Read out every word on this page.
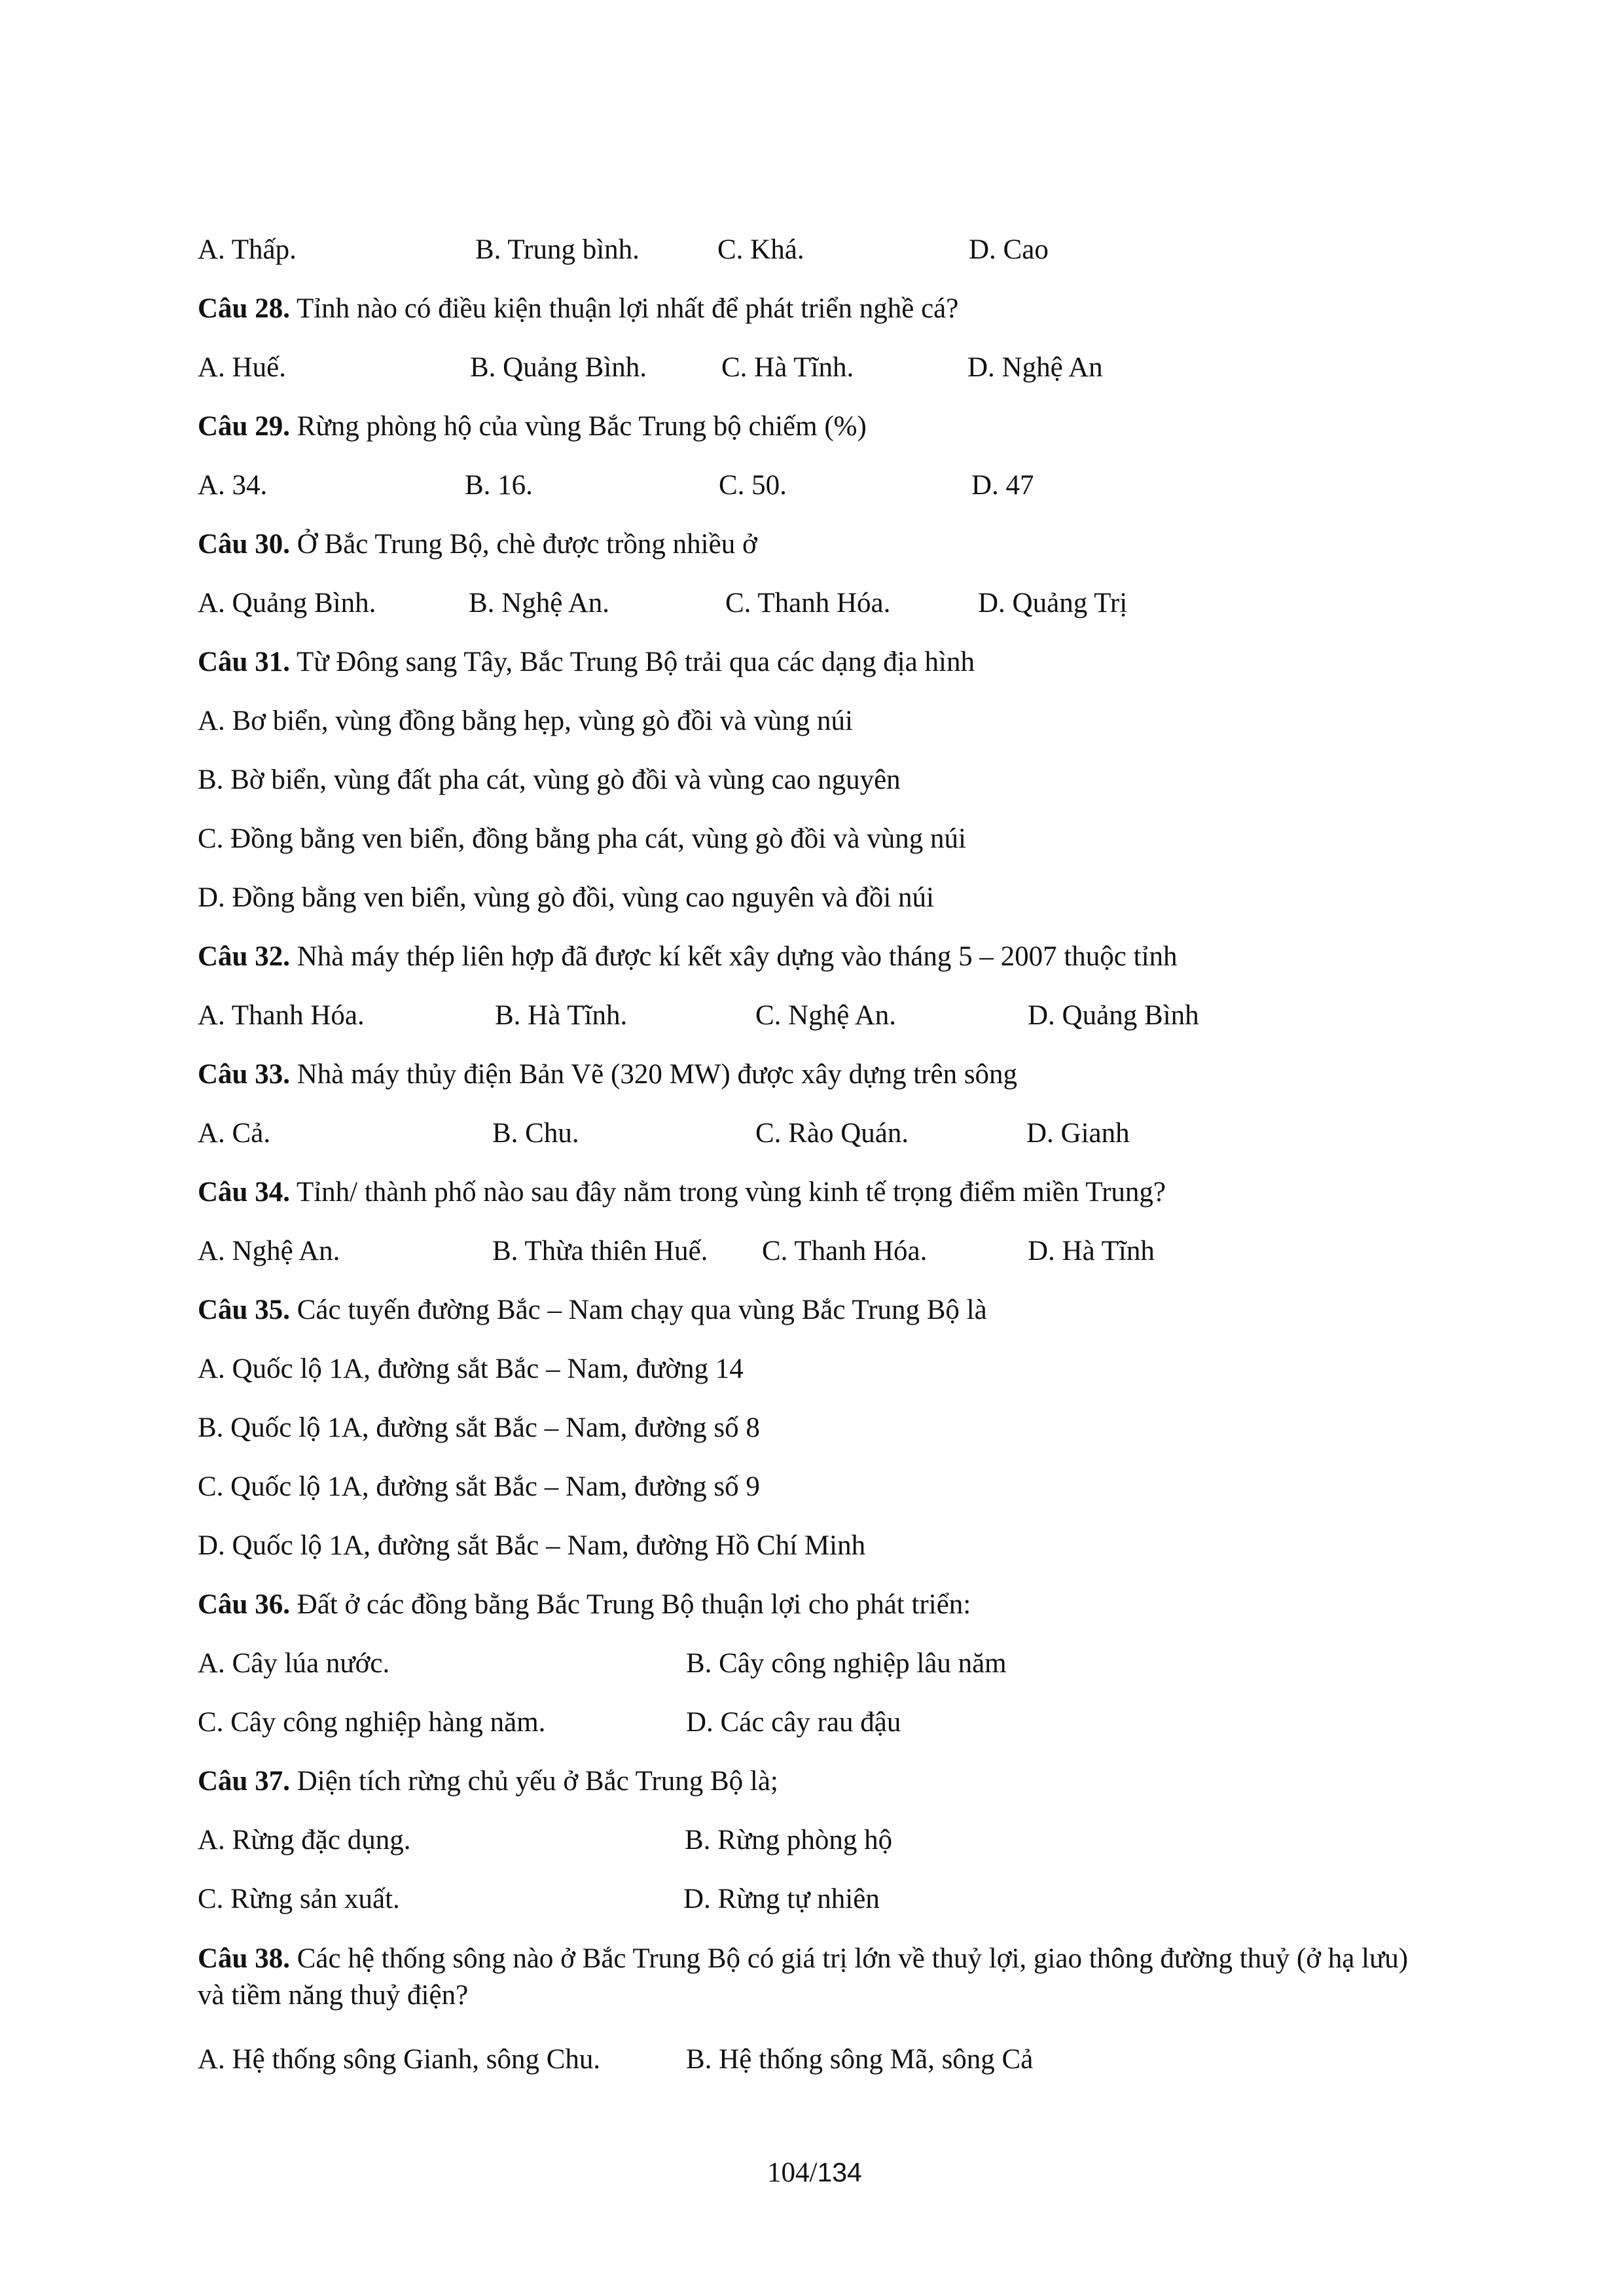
A. Thấp.	B. Trung bình.	C. Khá.	D. Cao
Câu 28. Tỉnh nào có điều kiện thuận lợi nhất để phát triển nghề cá?
A. Huế.	B. Quảng Bình.	C. Hà Tĩnh.	D. Nghệ An
Câu 29. Rừng phòng hộ của vùng Bắc Trung bộ chiếm (%)
A. 34.	B. 16.	C. 50.	D. 47
Câu 30. Ở Bắc Trung Bộ, chè được trồng nhiều ở
A. Quảng Bình.	B. Nghệ An.	C. Thanh Hóa.	D. Quảng Trị
Câu 31. Từ Đông sang Tây, Bắc Trung Bộ trải qua các dạng địa hình
A. Bơ biển, vùng đồng bằng hẹp, vùng gò đồi và vùng núi
B. Bờ biển, vùng đất pha cát, vùng gò đồi và vùng cao nguyên
C. Đồng bằng ven biển, đồng bằng pha cát, vùng gò đồi và vùng núi
D. Đồng bằng ven biển, vùng gò đồi, vùng cao nguyên và đồi núi
Câu 32. Nhà máy thép liên hợp đã được kí kết xây dựng vào tháng 5 – 2007 thuộc tỉnh
A. Thanh Hóa.	B. Hà Tĩnh.	C. Nghệ An.	D. Quảng Bình
Câu 33. Nhà máy thủy điện Bản Vẽ (320 MW) được xây dựng trên sông
A. Cả.	B. Chu.	C. Rào Quán.	D. Gianh
Câu 34. Tỉnh/ thành phố nào sau đây nằm trong vùng kinh tế trọng điểm miền Trung?
A. Nghệ An.	B. Thừa thiên Huế. C. Thanh Hóa.	D. Hà Tĩnh
Câu 35. Các tuyến đường Bắc – Nam chạy qua vùng Bắc Trung Bộ là
A. Quốc lộ 1A, đường sắt Bắc – Nam, đường 14
B. Quốc lộ 1A, đường sắt Bắc – Nam, đường số 8
C. Quốc lộ 1A, đường sắt Bắc – Nam, đường số 9
D. Quốc lộ 1A, đường sắt Bắc – Nam, đường Hồ Chí Minh
Câu 36. Đất ở các đồng bằng Bắc Trung Bộ thuận lợi cho phát triển:
A. Cây lúa nước.	B. Cây công nghiệp lâu năm
C. Cây công nghiệp hàng năm.	D. Các cây rau đậu
Câu 37. Diện tích rừng chủ yếu ở Bắc Trung Bộ là;
A. Rừng đặc dụng.	B. Rừng phòng hộ
C. Rừng sản xuất.	D. Rừng tự nhiên
Câu 38. Các hệ thống sông nào ở Bắc Trung Bộ có giá trị lớn về thuỷ lợi, giao thông đường thuỷ (ở hạ lưu) và tiềm năng thuỷ điện?
A. Hệ thống sông Gianh, sông Chu.	B. Hệ thống sông Mã, sông Cả
104/134
